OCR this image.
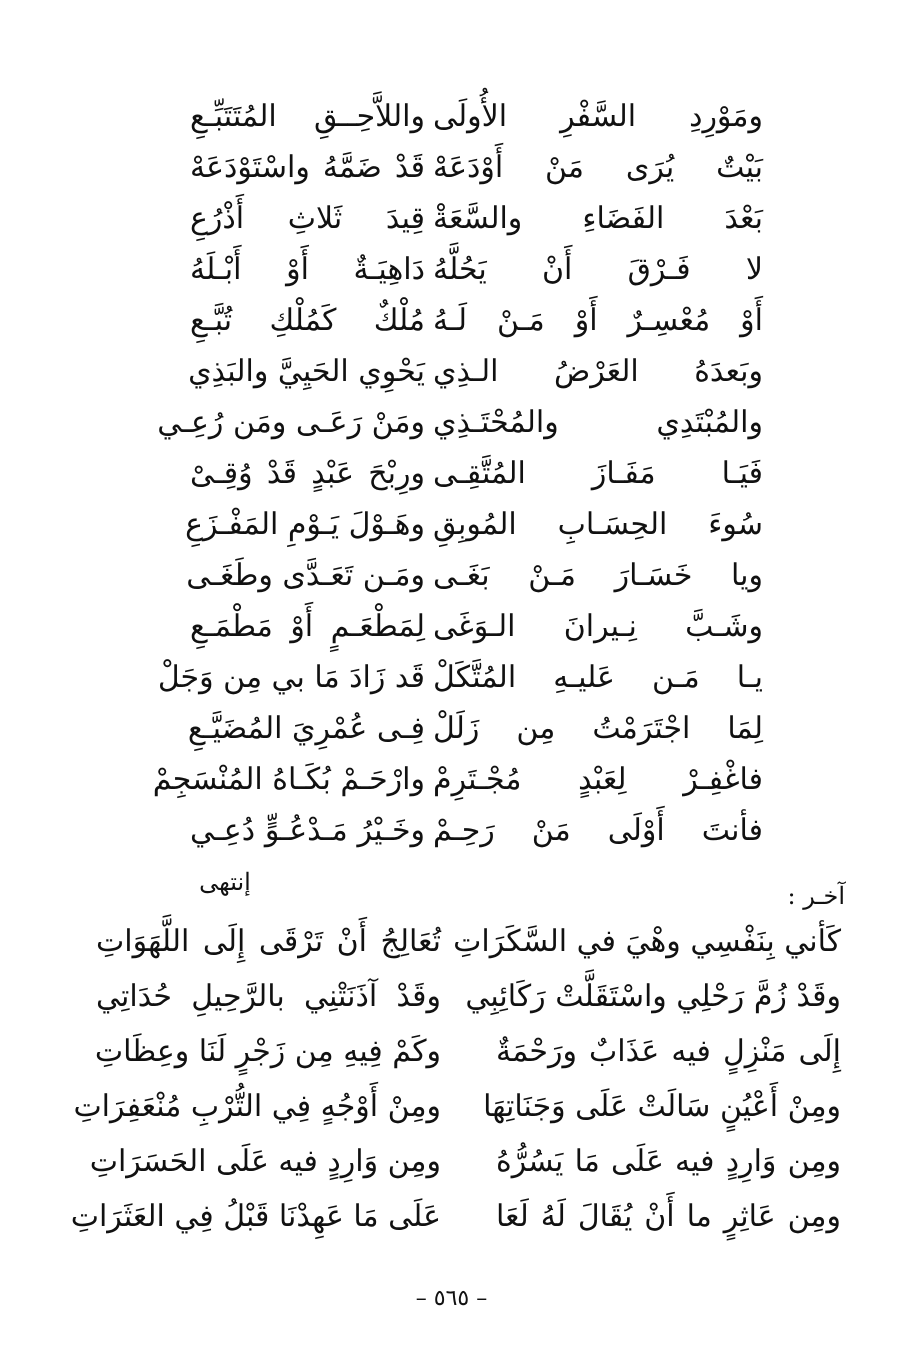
ومَوْرِدِ السَّفْرِ الأُولَى
واللاَّحِــقِ المُتَتَبِّـعِ
بَيْتٌ يُرَى مَنْ أَوْدَعَهْ
قَدْ ضَمَّهُ واسْتَوْدَعَهْ
بَعْدَ الفَضَاءِ والسَّعَةْ
قِيدَ ثَلاثِ أَذْرُعِ
لا فَـرْقَ أَنْ يَحُلَّهُ
دَاهِيَـةٌ أَوْ أَبْـلَهُ
أَوْ مُعْسِـرٌ أَوْ مَـنْ لَـهُ
مُلْكٌ كَمُلْكِ تُبَّـعِ
وبَعدَهُ العَرْضُ الـذِي
يَحْوِي الحَيِيَّ والبَذِي
والمُبْتَدِي والمُحْتَـذِي
ومَنْ رَعَـى ومَن رُعِـي
فَيَـا مَفَـازَ المُتَّقِـى
ورِبْحَ عَبْدٍ قَدْ وُقِـىْ
سُوءَ الحِسَـابِ المُوبِقِ
وهَـوْلَ يَـوْمِ المَفْـزَعِ
ويا خَسَـارَ مَـنْ بَغَـى
ومَـن تَعَـدَّى وطَغَـى
وشَـبَّ نِـيرانَ الـوَغَى
لِمَطْعَـمٍ أَوْ مَطْمَـعِ
يـا مَـن عَليـهِ المُتَّكَلْ
قَد زَادَ مَا بي مِن وَجَلْ
لِمَا اجْتَرَمْتُ مِن زَلَلْ
فِـى عُمْرِيَ المُضَيَّـعِ
فاغْفِـرْ لِعَبْدٍ مُجْـتَرِمْ
وارْحَـمْ بُكَـاهُ المُنْسَجِمْ
فأنتَ أَوْلَى مَنْ رَحِـمْ
وخَـيْرُ مَـدْعُـوٍّ دُعِـي
إنتهى	آخـر :
كَأني بِنَفْسِي وهْيَ في السَّكَرَاتِ
تُعَالِجُ أَنْ تَرْقَى إِلَى اللَّهَوَاتِ
وقَدْ زُمَّ رَحْلِي واسْتَقَلَّتْ رَكَائِبِي
وقَدْ آذَنَتْنِي بالرَّحِيلِ حُدَاتِي
إِلَى مَنْزِلٍ فيه عَذَابٌ ورَحْمَةٌ
وكَمْ فِيهِ مِن زَجْرٍ لَنَا وعِظَاتِ
ومِنْ أَعْيُنٍ سَالَتْ عَلَى وَجَنَاتِهَا
ومِنْ أَوْجُهٍ فِي التُّرْبِ مُنْعَفِرَاتِ
ومِن وَارِدٍ فيه عَلَى مَا يَسُرُّهُ
ومِن وَارِدٍ فيه عَلَى الحَسَرَاتِ
ومِن عَاثِرٍ ما أَنْ يُقَالَ لَهُ لَعَا
عَلَى مَا عَهِدْنَا قَبْلُ فِي العَثَرَاتِ
– ٥٦٥ –
